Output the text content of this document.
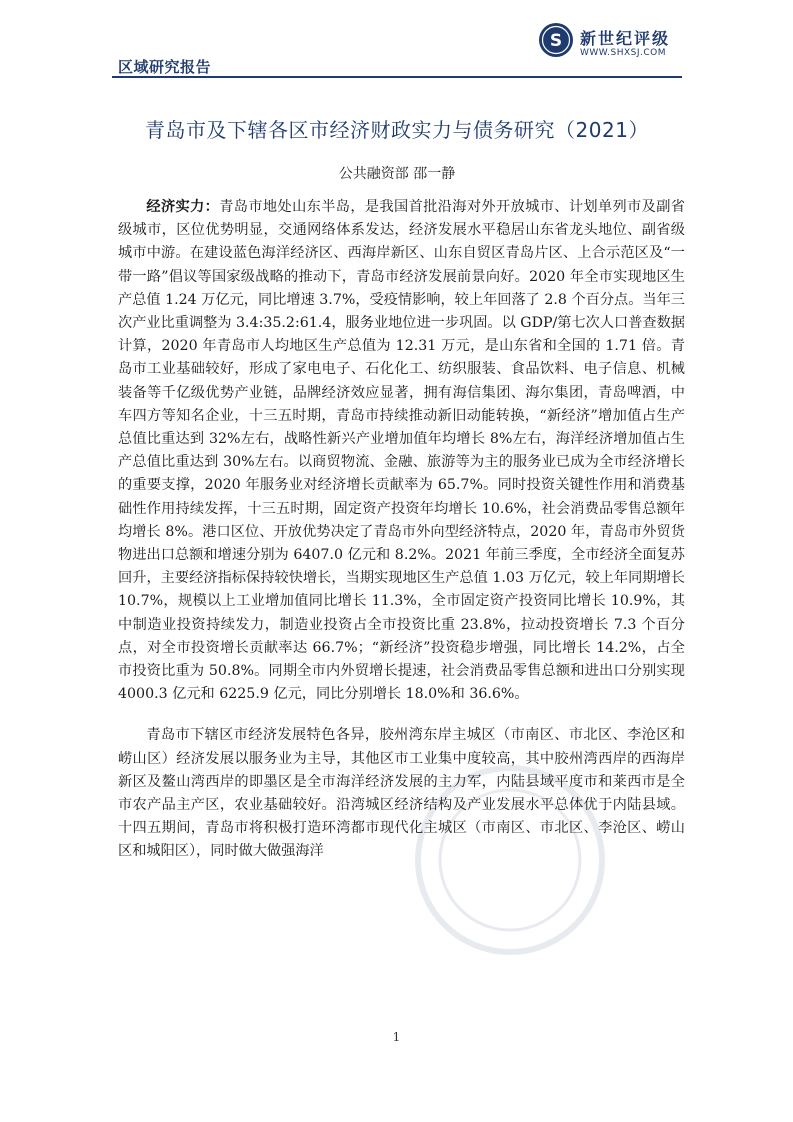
区域研究报告
S 新世纪评级
WWW.SHXSJ.COM
青岛市及下辖各区市经济财政实力与债务研究（2021）
公共融资部 邵一静

经济实力：青岛市地处山东半岛，是我国首批沿海对外开放城市、计划单列市及副省级城市，区位优势明显，交通网络体系发达，经济发展水平稳居山东省龙头地位、副省级城市中游。在建设蓝色海洋经济区、西海岸新区、山东自贸区青岛片区、上合示范区及“一带一路”倡议等国家级战略的推动下，青岛市经济发展前景向好。2020 年全市实现地区生产总值 1.24 万亿元，同比增速 3.7%，受疫情影响，较上年回落了 2.8 个百分点。当年三次产业比重调整为 3.4:35.2:61.4，服务业地位进一步巩固。以 GDP/第七次人口普查数据计算，2020 年青岛市人均地区生产总值为 12.31 万元，是山东省和全国的 1.71 倍。青岛市工业基础较好，形成了家电电子、石化化工、纺织服装、食品饮料、电子信息、机械装备等千亿级优势产业链，品牌经济效应显著，拥有海信集团、海尔集团，青岛啤酒，中车四方等知名企业，十三五时期，青岛市持续推动新旧动能转换，“新经济”增加值占生产总值比重达到 32%左右，战略性新兴产业增加值年均增长 8%左右，海洋经济增加值占生产总值比重达到 30%左右。以商贸物流、金融、旅游等为主的服务业已成为全市经济增长的重要支撑，2020 年服务业对经济增长贡献率为 65.7%。同时投资关键性作用和消费基础性作用持续发挥，十三五时期，固定资产投资年均增长 10.6%，社会消费品零售总额年均增长 8%。港口区位、开放优势决定了青岛市外向型经济特点，2020 年，青岛市外贸货物进出口总额和增速分别为 6407.0 亿元和 8.2%。2021 年前三季度，全市经济全面复苏回升，主要经济指标保持较快增长，当期实现地区生产总值 1.03 万亿元，较上年同期增长 10.7%，规模以上工业增加值同比增长 11.3%，全市固定资产投资同比增长 10.9%，其中制造业投资持续发力，制造业投资占全市投资比重 23.8%，拉动投资增长 7.3 个百分点，对全市投资增长贡献率达 66.7%；“新经济”投资稳步增强，同比增长 14.2%，占全市投资比重为 50.8%。同期全市内外贸增长提速，社会消费品零售总额和进出口分别实现 4000.3 亿元和 6225.9 亿元，同比分别增长 18.0%和 36.6%。

青岛市下辖区市经济发展特色各异，胶州湾东岸主城区（市南区、市北区、李沧区和崂山区）经济发展以服务业为主导，其他区市工业集中度较高，其中胶州湾西岸的西海岸新区及鳌山湾西岸的即墨区是全市海洋经济发展的主力军，内陆县域平度市和莱西市是全市农产品主产区，农业基础较好。沿湾城区经济结构及产业发展水平总体优于内陆县域。十四五期间，青岛市将积极打造环湾都市现代化主城区（市南区、市北区、李沧区、崂山区和城阳区），同时做大做强海洋

1
